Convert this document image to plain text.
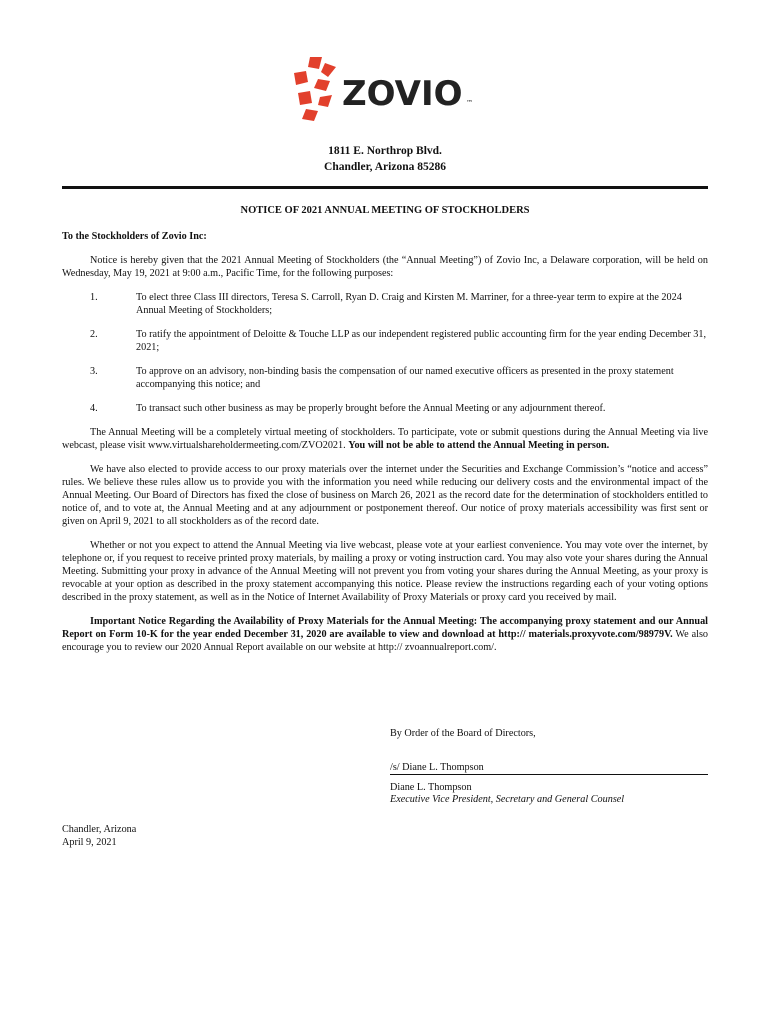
ZOVIO ™
1811 E. Northrop Blvd.
Chandler, Arizona 85286
NOTICE OF 2021 ANNUAL MEETING OF STOCKHOLDERS

To the Stockholders of Zovio Inc:

Notice is hereby given that the 2021 Annual Meeting of Stockholders (the “Annual Meeting”) of Zovio Inc, a Delaware corporation, will be held on Wednesday, May 19, 2021 at 9:00 a.m., Pacific Time, for the following purposes:

1.	To elect three Class III directors, Teresa S. Carroll, Ryan D. Craig and Kirsten M. Marriner, for a three-year term to expire at the 2024 Annual Meeting of Stockholders;
2.	To ratify the appointment of Deloitte & Touche LLP as our independent registered public accounting firm for the year ending December 31, 2021;
3.	To approve on an advisory, non-binding basis the compensation of our named executive officers as presented in the proxy statement accompanying this notice; and
4.	To transact such other business as may be properly brought before the Annual Meeting or any adjournment thereof.

The Annual Meeting will be a completely virtual meeting of stockholders. To participate, vote or submit questions during the Annual Meeting via live webcast, please visit www.virtualshareholdermeeting.com/ZVO2021. You will not be able to attend the Annual Meeting in person.

We have also elected to provide access to our proxy materials over the internet under the Securities and Exchange Commission’s “notice and access” rules. We believe these rules allow us to provide you with the information you need while reducing our delivery costs and the environmental impact of the Annual Meeting. Our Board of Directors has fixed the close of business on March 26, 2021 as the record date for the determination of stockholders entitled to notice of, and to vote at, the Annual Meeting and at any adjournment or postponement thereof. Our notice of proxy materials accessibility was first sent or given on April 9, 2021 to all stockholders as of the record date.

Whether or not you expect to attend the Annual Meeting via live webcast, please vote at your earliest convenience. You may vote over the internet, by telephone or, if you request to receive printed proxy materials, by mailing a proxy or voting instruction card. You may also vote your shares during the Annual Meeting. Submitting your proxy in advance of the Annual Meeting will not prevent you from voting your shares during the Annual Meeting, as your proxy is revocable at your option as described in the proxy statement accompanying this notice. Please review the instructions regarding each of your voting options described in the proxy statement, as well as in the Notice of Internet Availability of Proxy Materials or proxy card you received by mail.

Important Notice Regarding the Availability of Proxy Materials for the Annual Meeting: The accompanying proxy statement and our Annual Report on Form 10-K for the year ended December 31, 2020 are available to view and download at http:// materials.proxyvote.com/98979V. We also encourage you to review our 2020 Annual Report available on our website at http:// zvoannualreport.com/.

By Order of the Board of Directors,
/s/ Diane L. Thompson
Diane L. Thompson
Executive Vice President, Secretary and General Counsel
Chandler, Arizona
April 9, 2021
